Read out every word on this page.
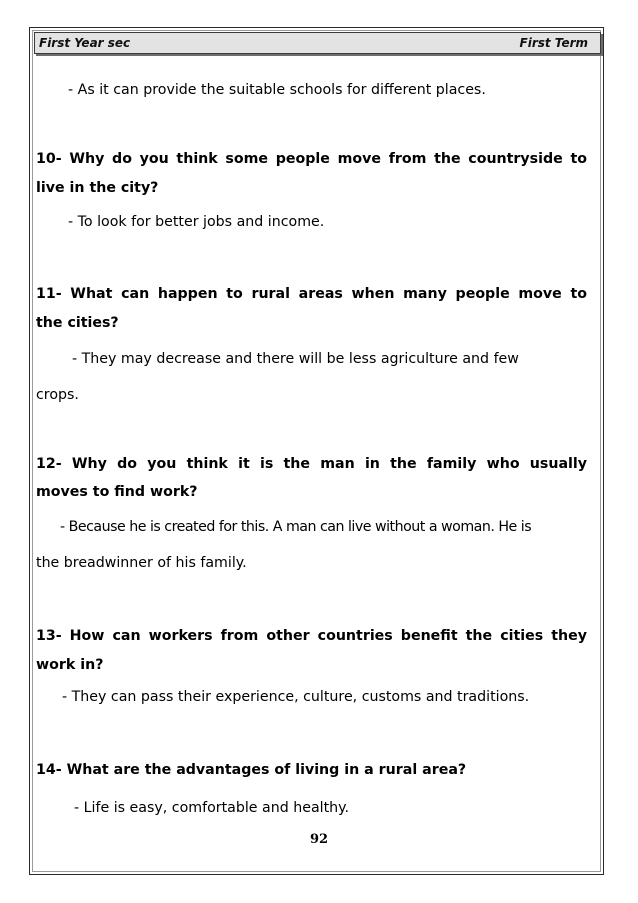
First Year sec	First Term
- As it can provide the suitable schools for different places.
10- Why do you think some people move from the countryside to
live in the city?
- To look for better jobs and income.
11- What can happen to rural areas when many people move to
the cities?
- They may decrease and there will be less agriculture and few
crops.
12- Why do you think it is the man in the family who usually
moves to find work?
- Because he is created for this. A man can live without a woman. He is
the breadwinner of his family.
13- How can workers from other countries benefit the cities they
work in?
- They can pass their experience, culture, customs and traditions.
14- What are the advantages of living in a rural area?
- Life is easy, comfortable and healthy.
92
